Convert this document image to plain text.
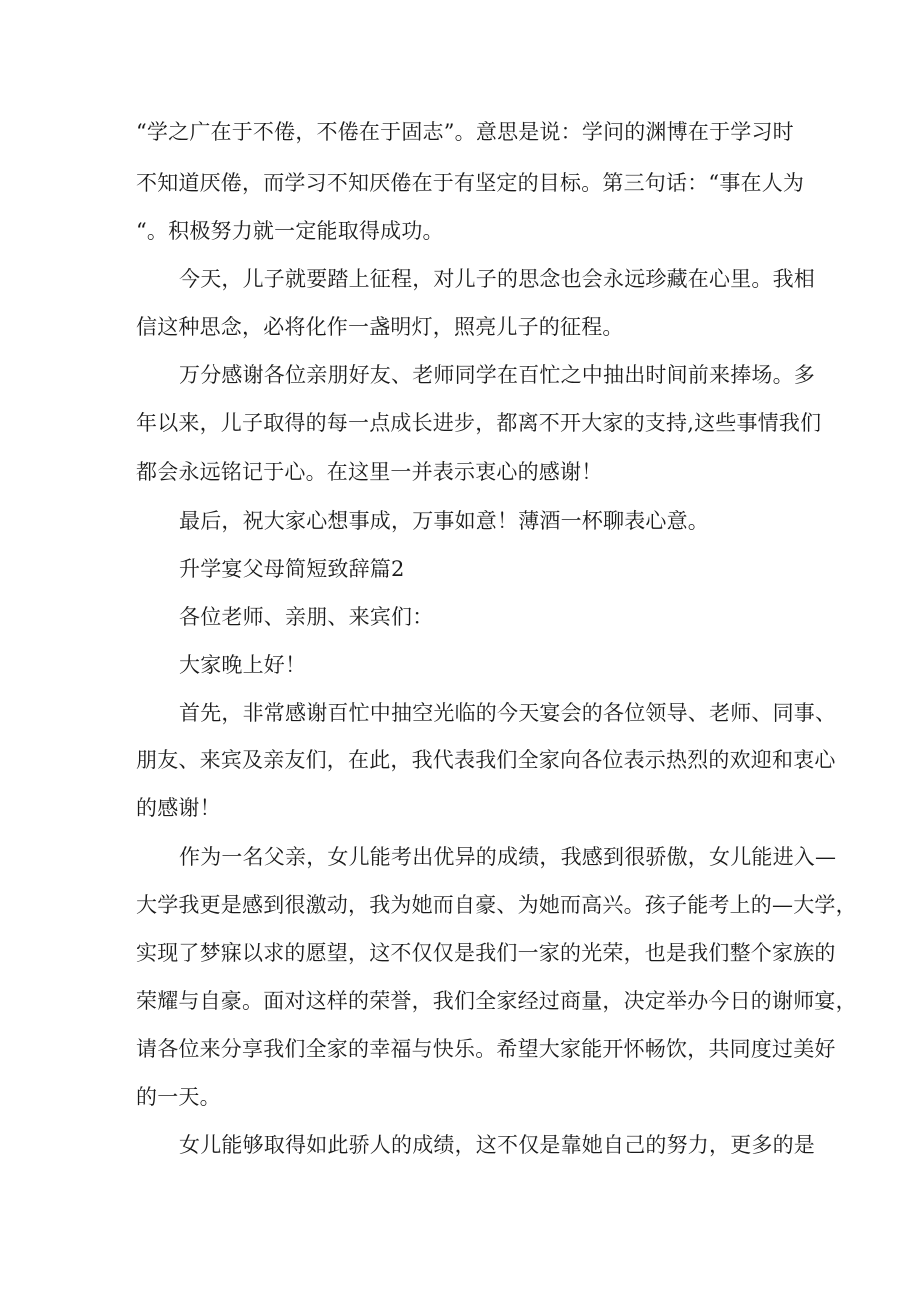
“学之广在于不倦，不倦在于固志”。意思是说：学问的渊博在于学习时
不知道厌倦，而学习不知厌倦在于有坚定的目标。第三句话：“事在人为
“。积极努力就一定能取得成功。
今天，儿子就要踏上征程，对儿子的思念也会永远珍藏在心里。我相
信这种思念，必将化作一盏明灯，照亮儿子的征程。
万分感谢各位亲朋好友、老师同学在百忙之中抽出时间前来捧场。多
年以来，儿子取得的每一点成长进步，都离不开大家的支持,这些事情我们
都会永远铭记于心。在这里一并表示衷心的感谢！
最后，祝大家心想事成，万事如意！薄酒一杯聊表心意。
升学宴父母简短致辞篇2
各位老师、亲朋、来宾们：
大家晚上好！
首先，非常感谢百忙中抽空光临的今天宴会的各位领导、老师、同事、
朋友、来宾及亲友们，在此，我代表我们全家向各位表示热烈的欢迎和衷心
的感谢！
作为一名父亲，女儿能考出优异的成绩，我感到很骄傲，女儿能进入—
大学我更是感到很激动，我为她而自豪、为她而高兴。孩子能考上的—大学，
实现了梦寐以求的愿望，这不仅仅是我们一家的光荣，也是我们整个家族的
荣耀与自豪。面对这样的荣誉，我们全家经过商量，决定举办今日的谢师宴，
请各位来分享我们全家的幸福与快乐。希望大家能开怀畅饮，共同度过美好
的一天。
女儿能够取得如此骄人的成绩，这不仅是靠她自己的努力，更多的是
